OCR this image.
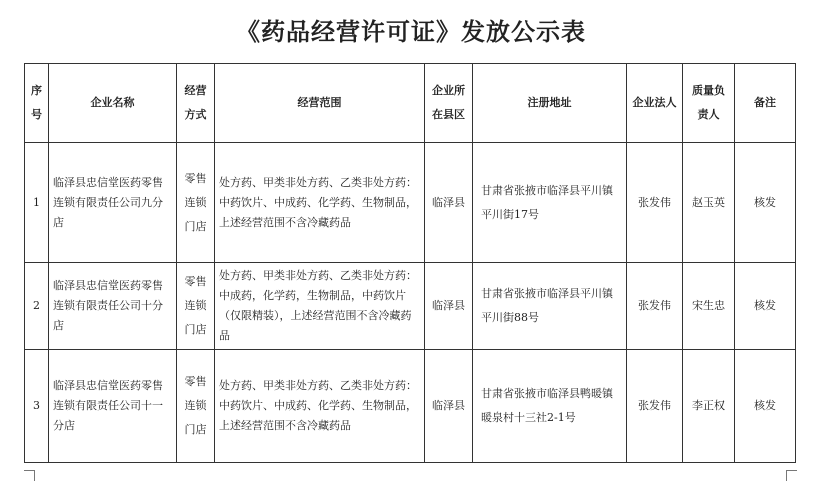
《药品经营许可证》发放公示表
序号	企业名称	经营方式	经营范围	企业所在县区	注册地址	企业法人	质量负责人	备注
1	临泽县忠信堂医药零售连锁有限责任公司九分店	零售连锁门店	处方药、甲类非处方药、乙类非处方药：中药饮片、中成药、化学药、生物制品，上述经营范围不含冷藏药品	临泽县	甘肃省张掖市临泽县平川镇平川街17号	张发伟	赵玉英	核发
2	临泽县忠信堂医药零售连锁有限责任公司十分店	零售连锁门店	处方药、甲类非处方药、乙类非处方药：中成药，化学药，生物制品，中药饮片（仅限精装），上述经营范围不含冷藏药品	临泽县	甘肃省张掖市临泽县平川镇平川街88号	张发伟	宋生忠	核发
3	临泽县忠信堂医药零售连锁有限责任公司十一分店	零售连锁门店	处方药、甲类非处方药、乙类非处方药：中药饮片、中成药、化学药、生物制品，上述经营范围不含冷藏药品	临泽县	甘肃省张掖市临泽县鸭暖镇暖泉村十三社2-1号	张发伟	李正权	核发
